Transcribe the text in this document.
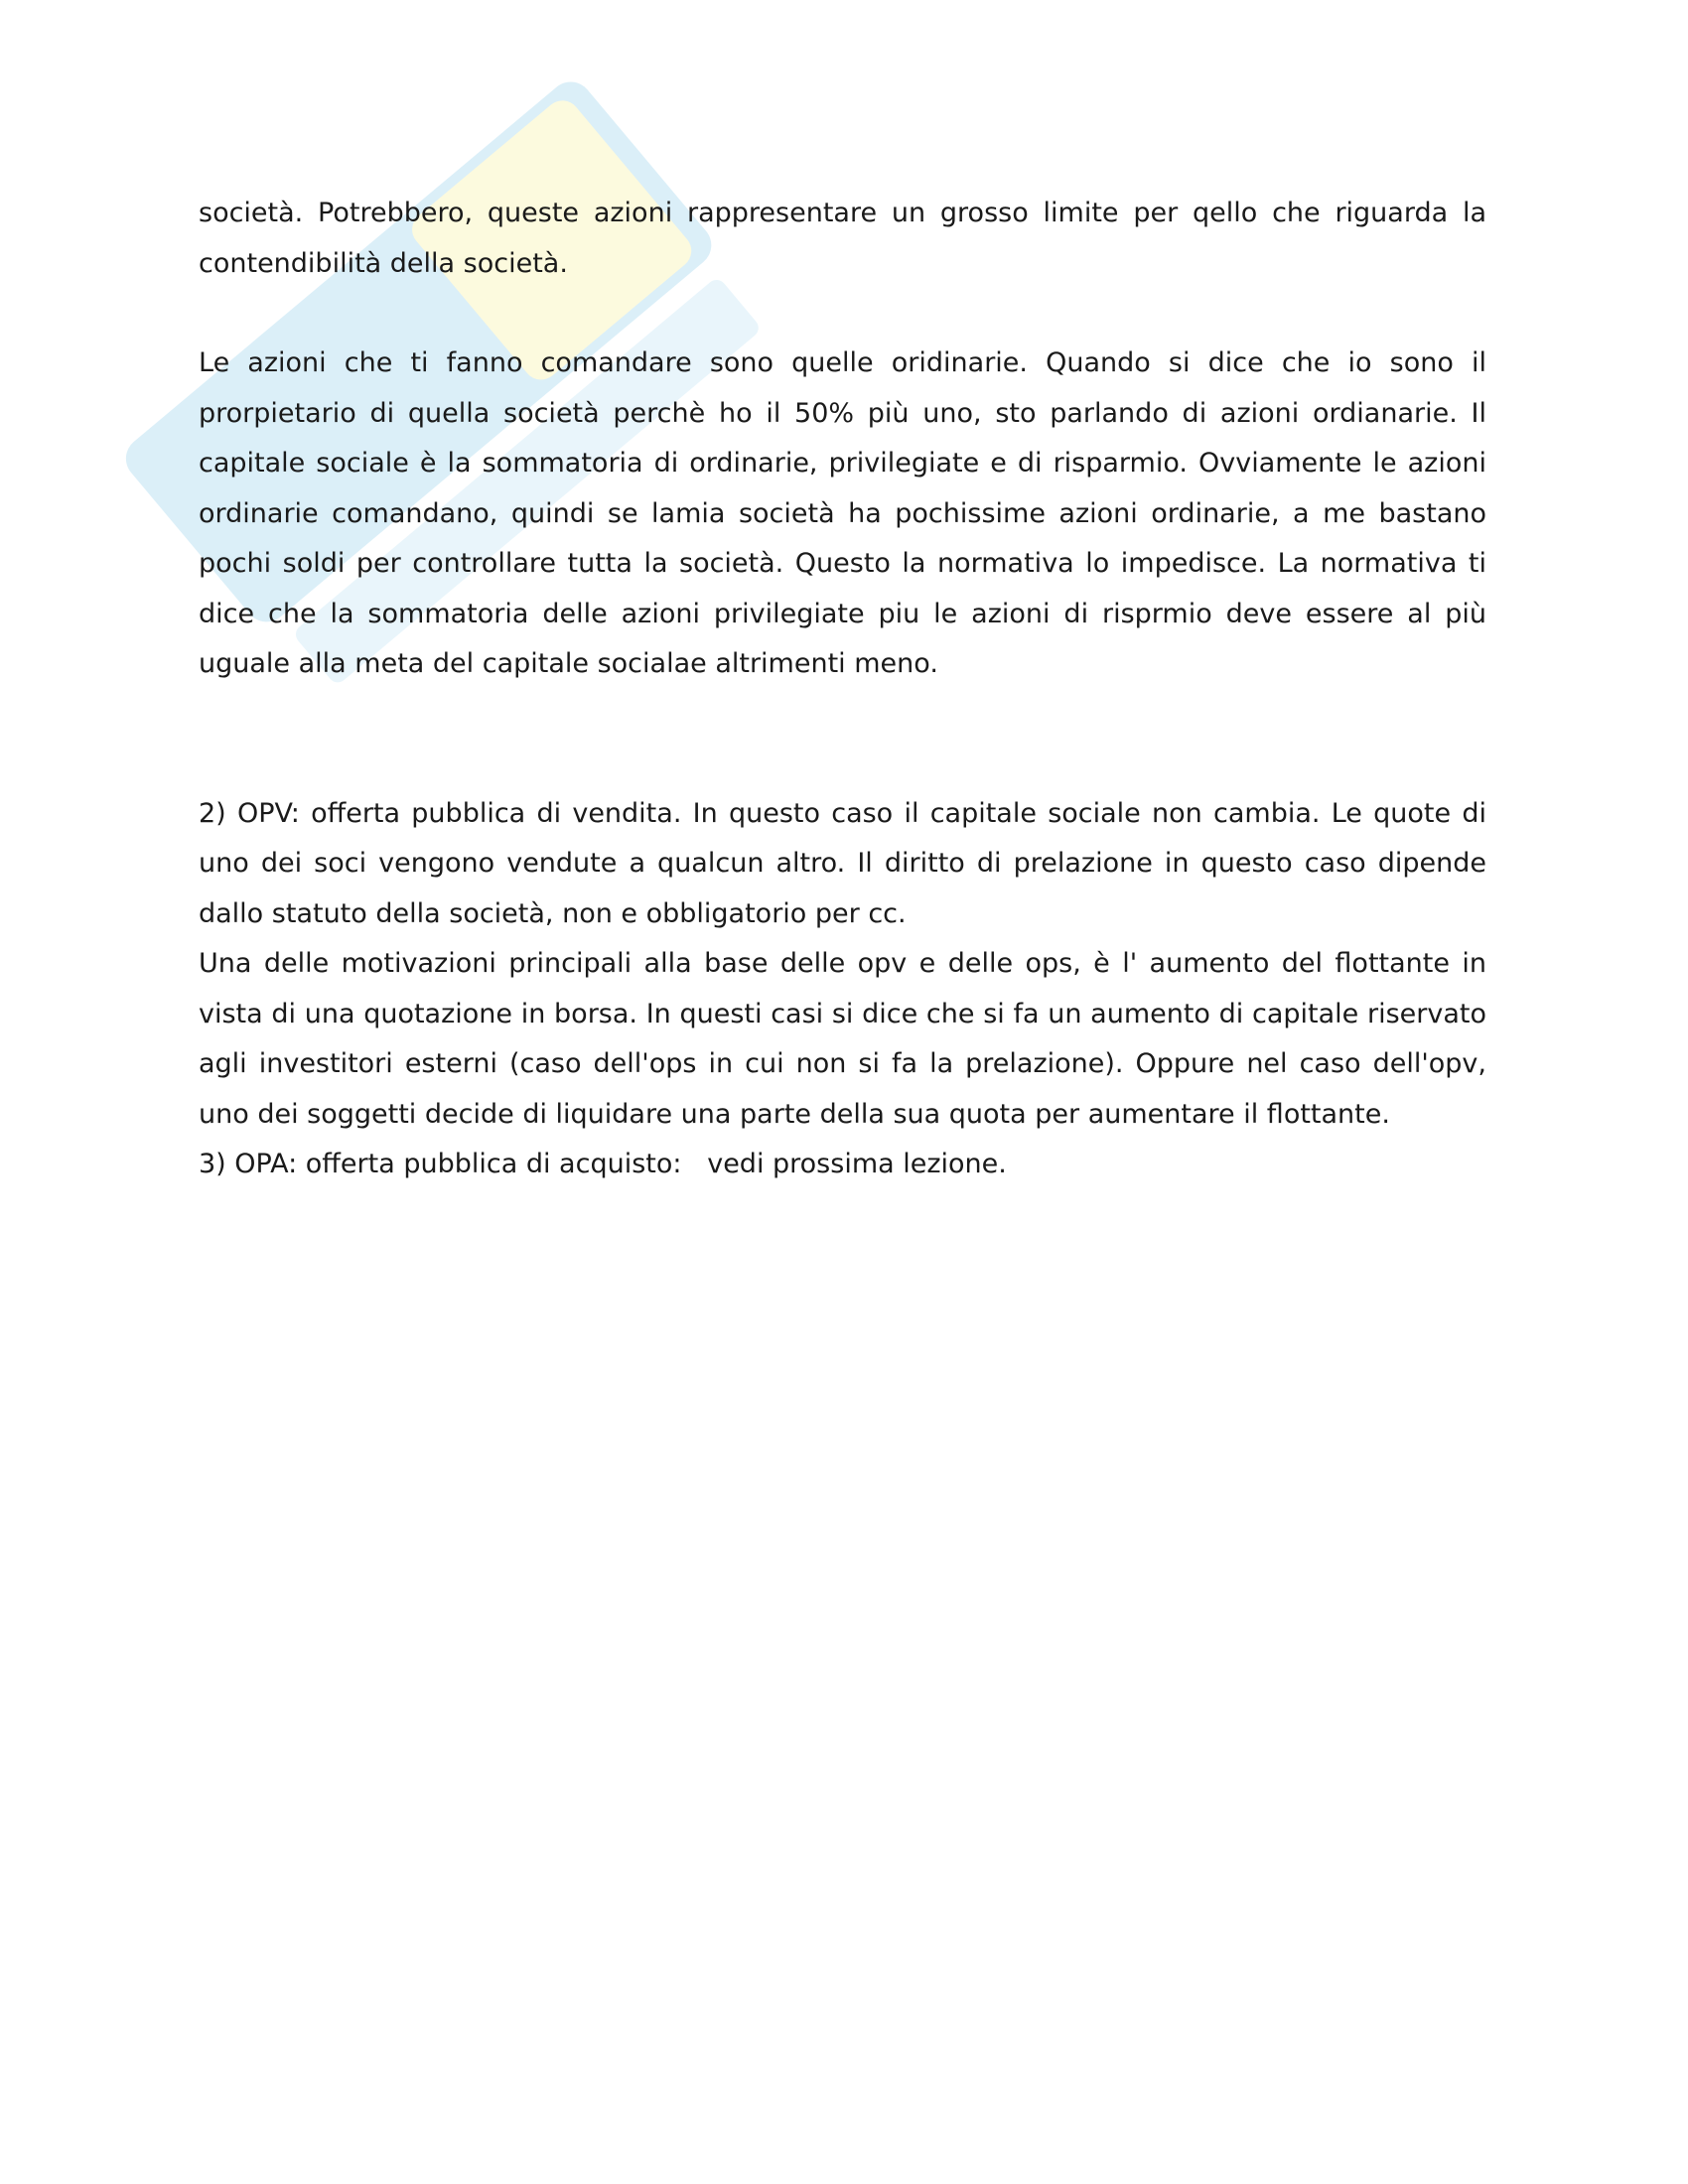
società. Potrebbero, queste azioni rappresentare un grosso limite per qello che riguarda la contendibilità della società.

Le azioni che ti fanno comandare sono quelle oridinarie. Quando si dice che io sono il prorpietario di quella società perchè ho il 50% più uno, sto parlando di azioni ordianarie. Il capitale sociale è la sommatoria di ordinarie, privilegiate e di risparmio. Ovviamente le azioni ordinarie comandano, quindi se lamia società ha pochissime azioni ordinarie, a me bastano pochi soldi per controllare tutta la società. Questo la normativa lo impedisce. La normativa ti dice che la sommatoria delle azioni privilegiate piu le azioni di risprmio deve essere al più uguale alla meta del capitale socialae altrimenti meno.

2) OPV: offerta pubblica di vendita. In questo caso il capitale sociale non cambia. Le quote di uno dei soci vengono vendute a qualcun altro. Il diritto di prelazione in questo caso dipende dallo statuto della società, non e obbligatorio per cc.

Una delle motivazioni principali alla base delle opv e delle ops, è l' aumento del flottante in vista di una quotazione in borsa. In questi casi si dice che si fa un aumento di capitale riservato agli investitori esterni (caso dell'ops in cui non si fa la prelazione). Oppure nel caso dell'opv, uno dei soggetti decide di liquidare una parte della sua quota per aumentare il flottante.

3) OPA: offerta pubblica di acquisto:   vedi prossima lezione.
